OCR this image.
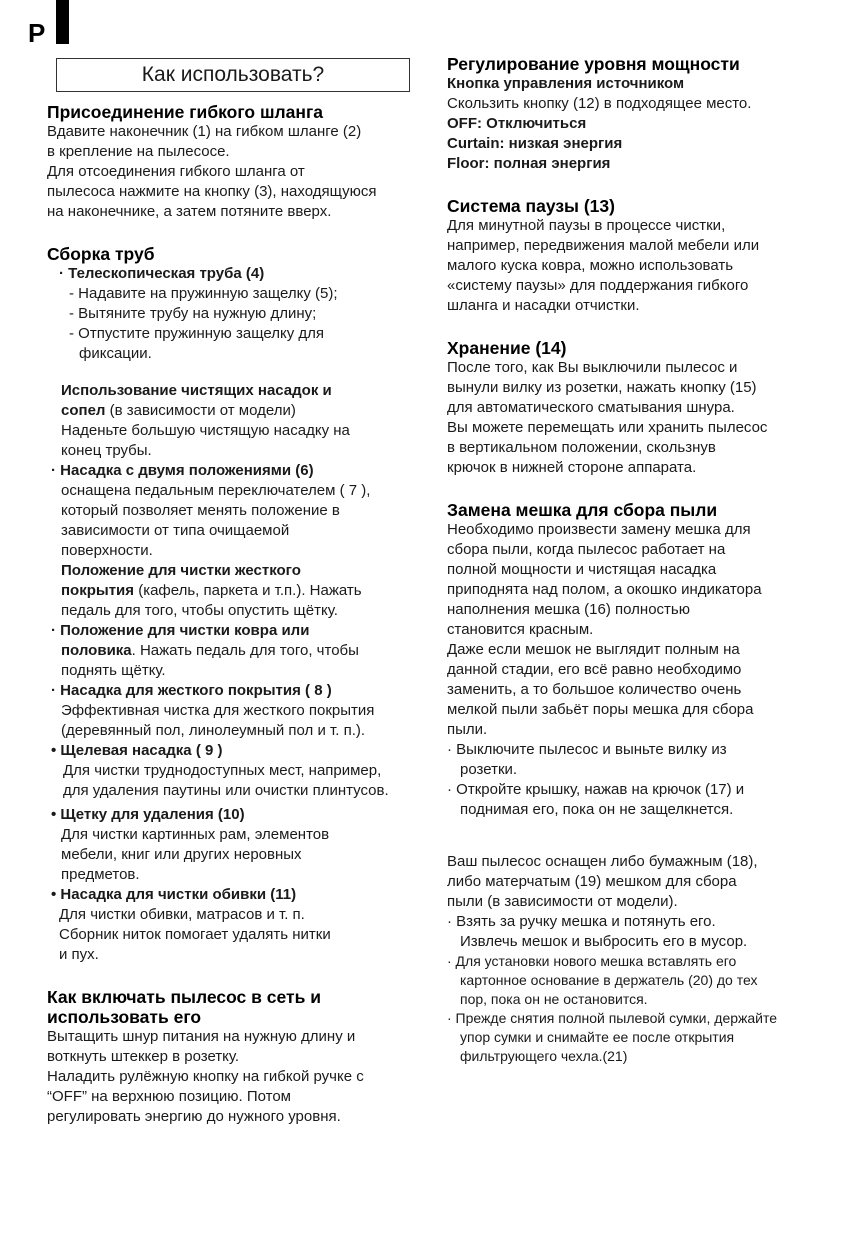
P
Как использовать?
Присоединение гибкого шланга
Вдавите наконечник (1) на гибком шланге (2)
в крепление на пылесосе.
Для отсоединения гибкого шланга от
пылесоса нажмите на кнопку (3), находящуюся
на наконечнике, а затем потяните вверх.
Сборка труб
· Телескопическая труба (4)
- Надавите на пружинную защелку (5);
- Вытяните трубу на нужную длину;
- Отпустите пружинную защелку для
фиксации.
Использование чистящих насадок и
сопел (в зависимости от модели)
Наденьте большую чистящую насадку на
конец трубы.
· Насадка с двумя положениями (6)
оснащена педальным переключателем ( 7 ),
который позволяет менять положение в
зависимости от типа очищаемой
поверхности.
Положение для чистки жесткого
покрытия (кафель, паркета и т.п.). Нажать
педаль для того, чтобы опустить щётку.
· Положение для чистки ковра или
половика. Нажать педаль для того, чтобы
поднять щётку.
· Насадка для жесткого покрытия ( 8 )
Эффективная чистка для жесткого покрытия
(деревянный пол, линолеумный пол и т. п.).
• Щелевая насадка ( 9 )
Для чистки труднодоступных мест, например,
для удаления паутины или очистки плинтусов.
• Щетку для удаления (10)
Для чистки картинных рам, элементов
мебели, книг или других неровных
предметов.
• Насадка для чистки обивки (11)
Для чистки обивки, матрасов и т. п.
Сборник ниток помогает удалять нитки
и пух.
Как включать пылесос в сеть и
использовать его
Вытащить шнур питания на нужную длину и
воткнуть штеккер в розетку.
Наладить рулёжную кнопку на гибкой ручке с
“OFF” на верхнюю позицию. Потом
регулировать энергию до нужного уровня.
Регулирование уровня мощности
Кнопка управления источником
Скользить кнопку (12) в подходящее место.
OFF: Отключиться
Curtain: низкая энергия
Floor: полная энергия
Система паузы (13)
Для минутной паузы в процессе чистки,
например, передвижения малой мебели или
малого куска ковра, можно использовать
«систему паузы» для поддержания гибкого
шланга и насадки отчистки.
Хранение (14)
После того, как Вы выключили пылесос и
вынули вилку из розетки, нажать кнопку (15)
для автоматического сматывания шнура.
Вы можете перемещать или хранить пылесос
в вертикальном положении, скользнув
крючок в нижней стороне аппарата.
Замена мешка для сбора пыли
Необходимо произвести замену мешка для
сбора пыли, когда пылесос работает на
полной мощности и чистящая насадка
приподнята над полом, а окошко индикатора
наполнения мешка (16) полностью
становится красным.
Даже если мешок не выглядит полным на
данной стадии, его всё равно необходимо
заменить, а то большое количество очень
мелкой пыли забьёт поры мешка для сбора
пыли.
· Выключите пылесос и выньте вилку из
розетки.
· Откройте крышку, нажав на крючок (17) и
поднимая его, пока он не защелкнется.
Ваш пылесос оснащен либо бумажным (18),
либо матерчатым (19) мешком для сбора
пыли (в зависимости от модели).
· Взять за ручку мешка и потянуть его.
Извлечь мешок и выбросить его в мусор.
· Для установки нового мешка вставлять его
картонное основание в держатель (20) до тех
пор, пока он не остановится.
· Прежде снятия полной пылевой сумки, держайте
упор сумки и снимайте ее после открытия
фильтрующего чехла.(21)
